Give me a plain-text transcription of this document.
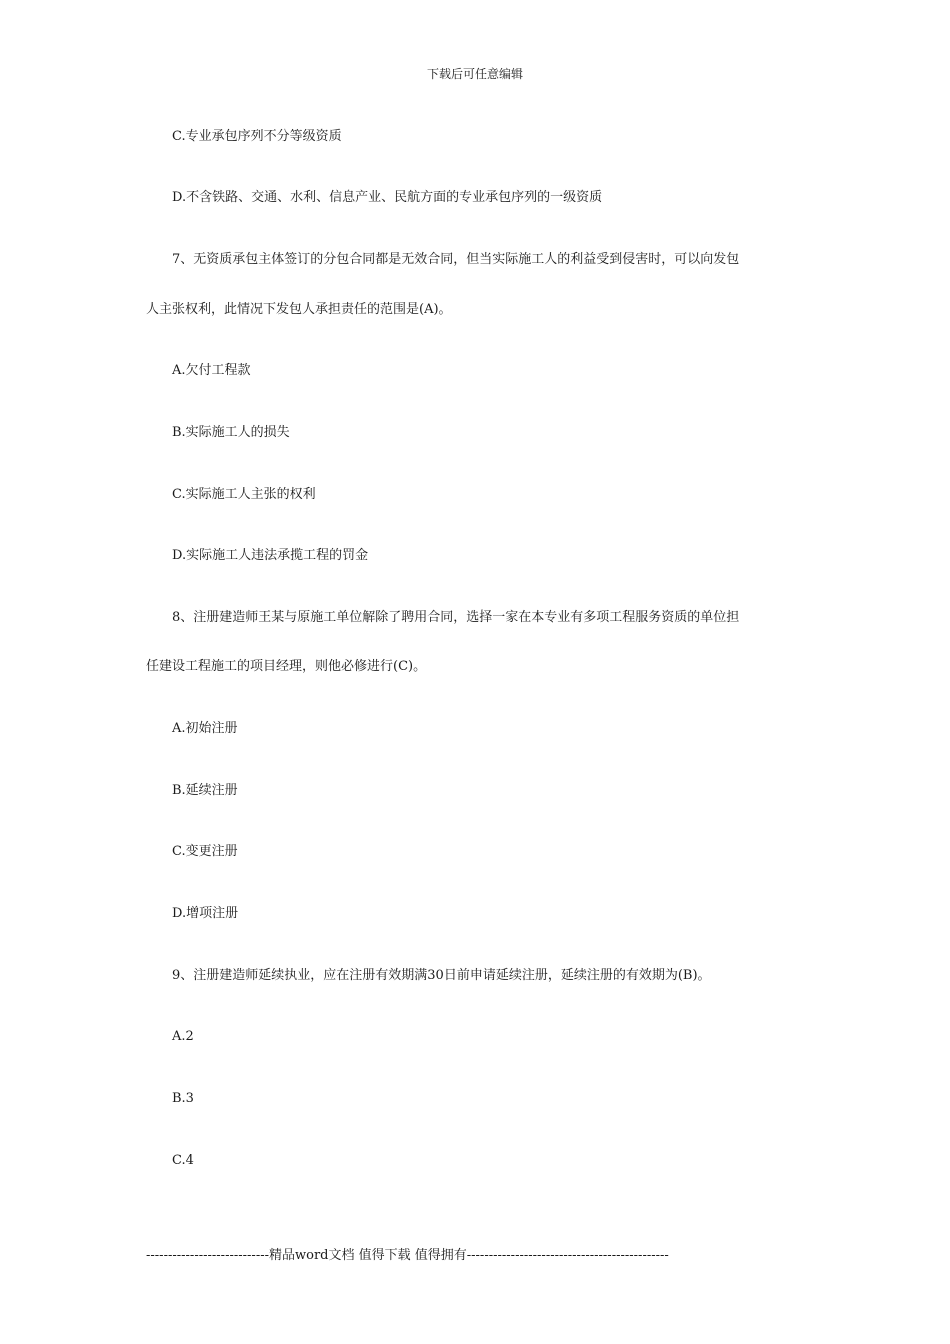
下载后可任意编辑
C.专业承包序列不分等级资质
D.不含铁路、交通、水利、信息产业、民航方面的专业承包序列的一级资质
7、无资质承包主体签订的分包合同都是无效合同，但当实际施工人的利益受到侵害时，可以向发包
人主张权利，此情况下发包人承担责任的范围是(A)。
A.欠付工程款
B.实际施工人的损失
C.实际施工人主张的权利
D.实际施工人违法承揽工程的罚金
8、注册建造师王某与原施工单位解除了聘用合同，选择一家在本专业有多项工程服务资质的单位担
任建设工程施工的项目经理，则他必修进行(C)。
A.初始注册
B.延续注册
C.变更注册
D.增项注册
9、注册建造师延续执业，应在注册有效期满30日前申请延续注册，延续注册的有效期为(B)。
A.2
B.3
C.4
----------------------------精品word文档 值得下载 值得拥有----------------------------------------------
